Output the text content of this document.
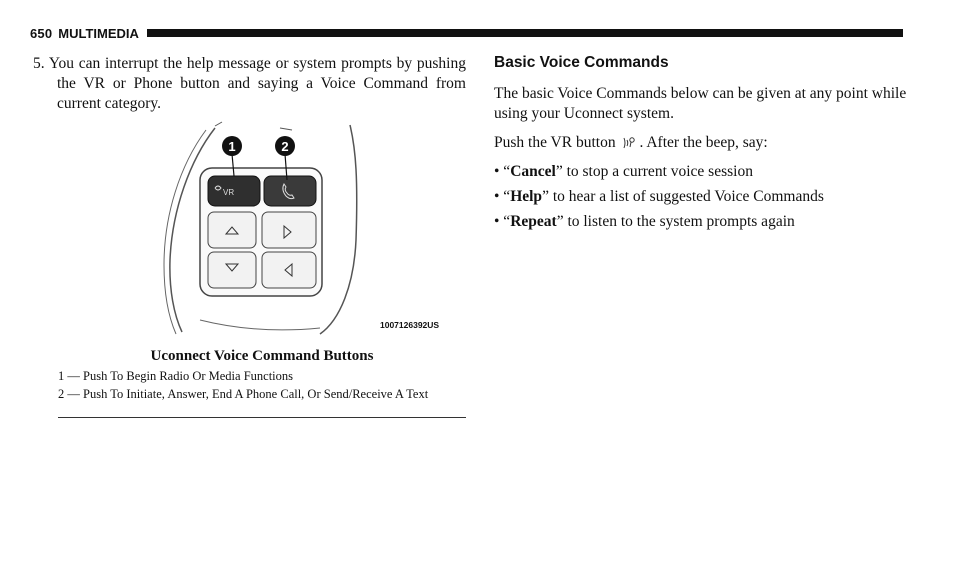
650 MULTIMEDIA

5. You can interrupt the help message or system prompts by pushing the VR or Phone button and saying a Voice Command from current category.

VR
1	2
1007126392US
Uconnect Voice Command Buttons
1 — Push To Begin Radio Or Media Functions
2 — Push To Initiate, Answer, End A Phone Call, Or Send/Receive A Text
Basic Voice Commands

The basic Voice Commands below can be given at any point while using your Uconnect system.

Push the VR button . After the beep, say:

• “Cancel” to stop a current voice session
• “Help” to hear a list of suggested Voice Commands
• “Repeat” to listen to the system prompts again
